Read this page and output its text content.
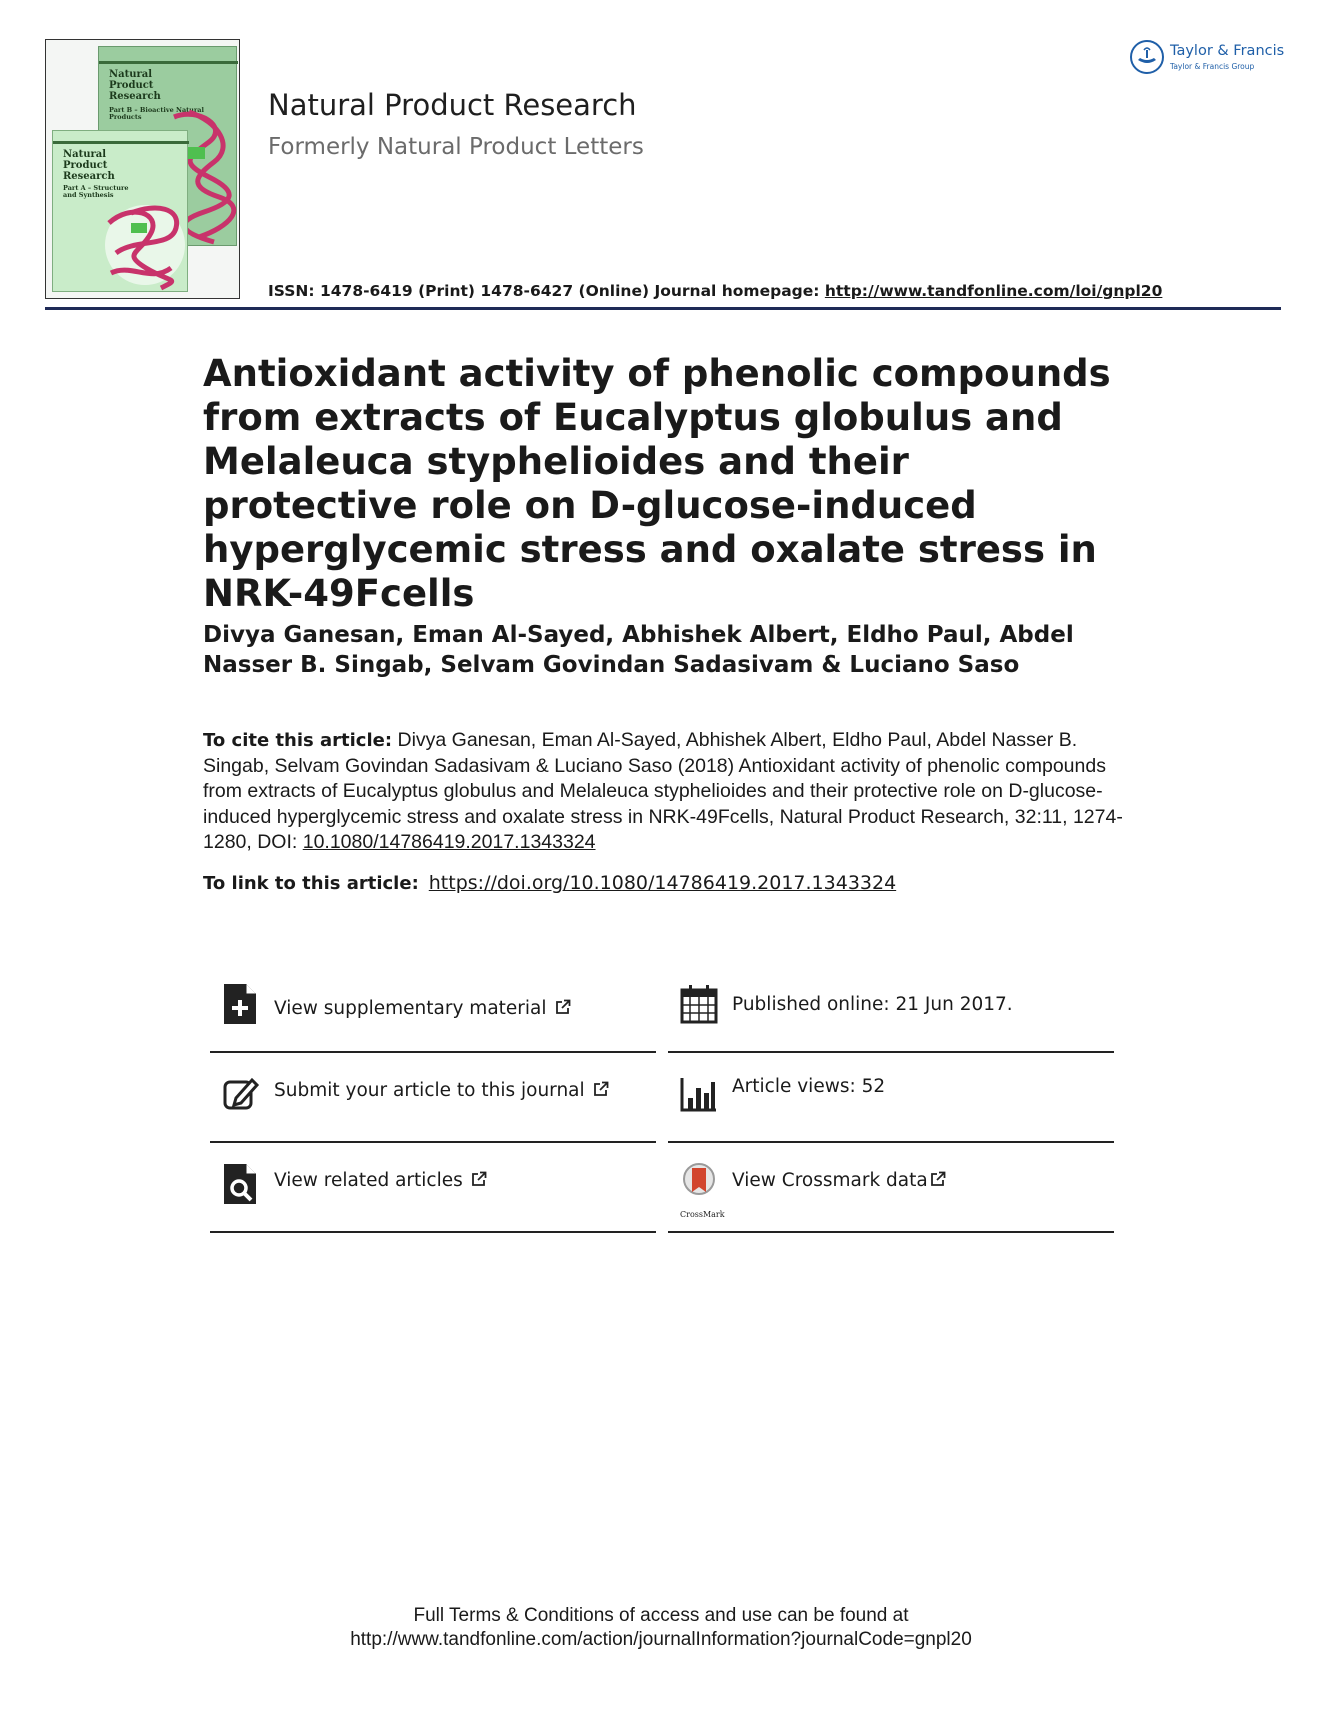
Natural Product Research
Part B – Bioactive Natural Products
Natural Product Research
Part A – Structure and Synthesis
Natural Product Research
Formerly Natural Product Letters
ISSN: 1478-6419 (Print) 1478-6427 (Online) Journal homepage: http://www.tandfonline.com/loi/gnpl20
Taylor & Francis
Taylor & Francis Group
Antioxidant activity of phenolic compounds from extracts of Eucalyptus globulus and Melaleuca styphelioides and their protective role on D-glucose-induced hyperglycemic stress and oxalate stress in NRK-49Fcells
Divya Ganesan, Eman Al-Sayed, Abhishek Albert, Eldho Paul, Abdel Nasser B. Singab, Selvam Govindan Sadasivam & Luciano Saso
To cite this article: Divya Ganesan, Eman Al-Sayed, Abhishek Albert, Eldho Paul, Abdel Nasser B. Singab, Selvam Govindan Sadasivam & Luciano Saso (2018) Antioxidant activity of phenolic compounds from extracts of Eucalyptus globulus and Melaleuca styphelioides and their protective role on D-glucose-induced hyperglycemic stress and oxalate stress in NRK-49Fcells, Natural Product Research, 32:11, 1274-1280, DOI: 10.1080/14786419.2017.1343324
To link to this article: https://doi.org/10.1080/14786419.2017.1343324
View supplementary material
Submit your article to this journal
View related articles
Published online: 21 Jun 2017.
Article views: 52
CrossMark
View Crossmark data
Full Terms & Conditions of access and use can be found at
http://www.tandfonline.com/action/journalInformation?journalCode=gnpl20
